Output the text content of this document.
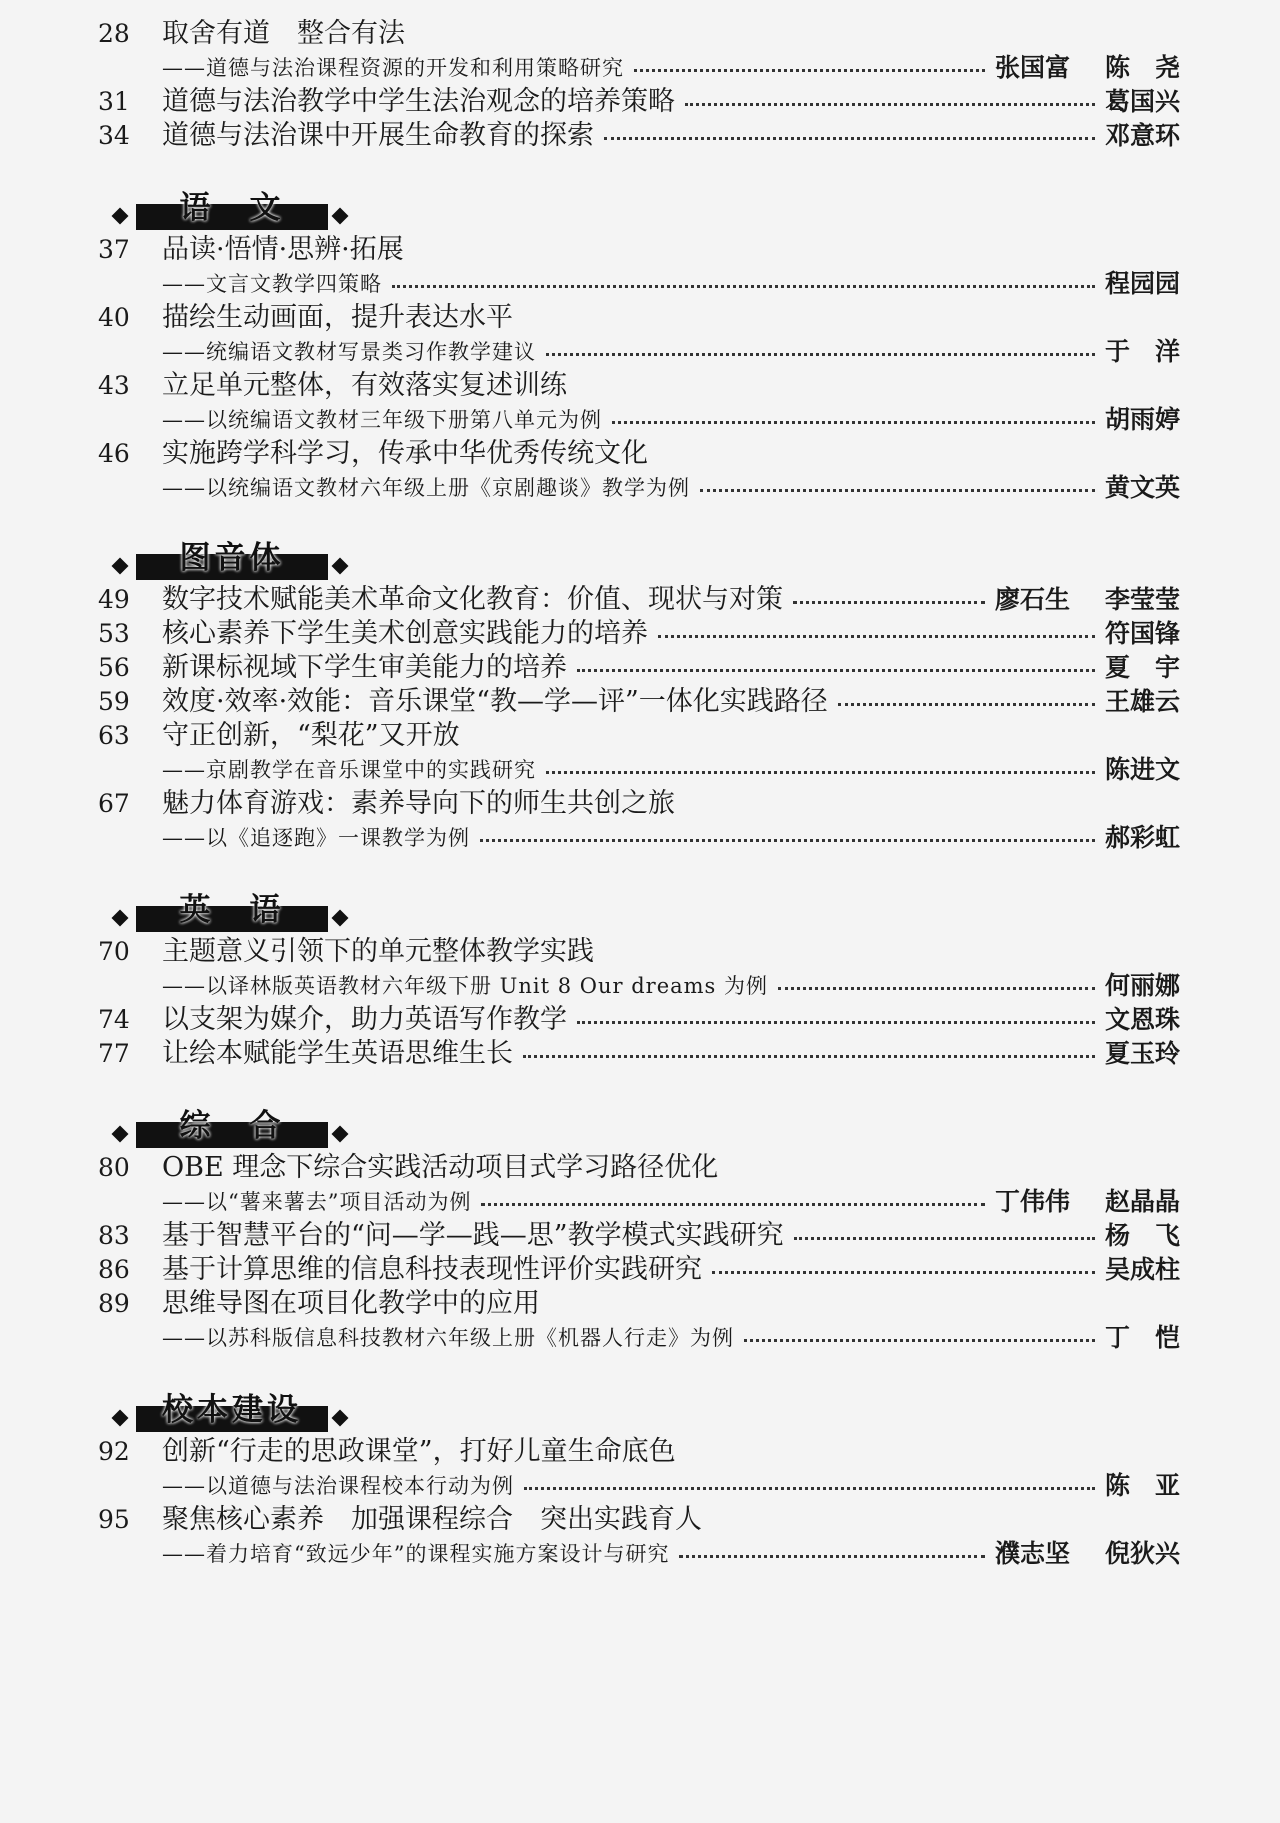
28	取舍有道　整合有法
——道德与法治课程资源的开发和利用策略研究	张国富 陈　尧
31	道德与法治教学中学生法治观念的培养策略	葛国兴
34	道德与法治课中开展生命教育的探索	邓意环
语　文
37	品读·悟情·思辨·拓展
——文言文教学四策略	程园园
40	描绘生动画面，提升表达水平
——统编语文教材写景类习作教学建议	于　洋
43	立足单元整体，有效落实复述训练
——以统编语文教材三年级下册第八单元为例	胡雨婷
46	实施跨学科学习，传承中华优秀传统文化
——以统编语文教材六年级上册《京剧趣谈》教学为例	黄文英
图音体
49	数字技术赋能美术革命文化教育：价值、现状与对策	廖石生 李莹莹
53	核心素养下学生美术创意实践能力的培养	符国锋
56	新课标视域下学生审美能力的培养	夏　宇
59	效度·效率·效能：音乐课堂“教—学—评”一体化实践路径	王雄云
63	守正创新，“梨花”又开放
——京剧教学在音乐课堂中的实践研究	陈进文
67	魅力体育游戏：素养导向下的师生共创之旅
——以《追逐跑》一课教学为例	郝彩虹
英　语
70	主题意义引领下的单元整体教学实践
——以译林版英语教材六年级下册 Unit 8 Our dreams 为例	何丽娜
74	以支架为媒介，助力英语写作教学	文恩珠
77	让绘本赋能学生英语思维生长	夏玉玲
综　合
80	OBE 理念下综合实践活动项目式学习路径优化
——以“薯来薯去”项目活动为例	丁伟伟 赵晶晶
83	基于智慧平台的“问—学—践—思”教学模式实践研究	杨　飞
86	基于计算思维的信息科技表现性评价实践研究	吴成柱
89	思维导图在项目化教学中的应用
——以苏科版信息科技教材六年级上册《机器人行走》为例	丁　恺
校本建设
92	创新“行走的思政课堂”，打好儿童生命底色
——以道德与法治课程校本行动为例	陈　亚
95	聚焦核心素养　加强课程综合　突出实践育人
——着力培育“致远少年”的课程实施方案设计与研究	濮志坚 倪狄兴
